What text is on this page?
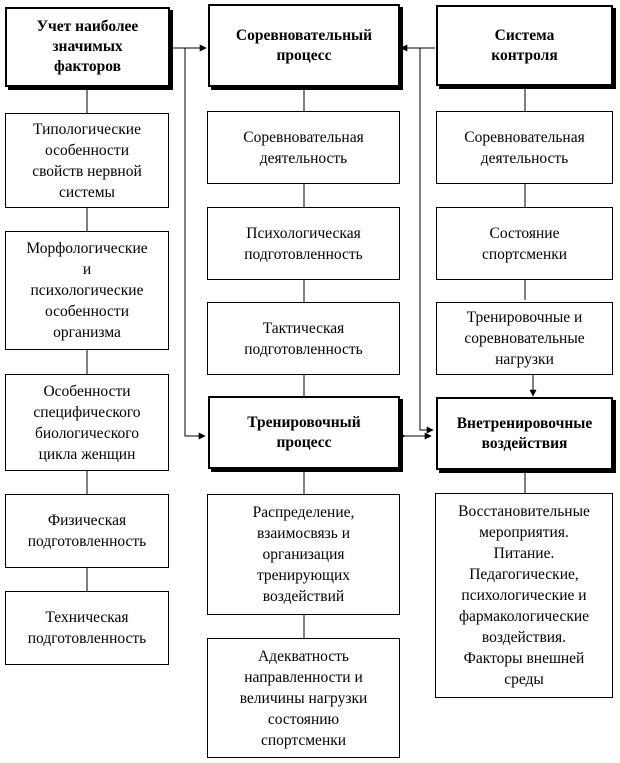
Учет наиболее
значимых
факторов
Типологические
особенности
свойств нервной
системы
Морфологические
и
психологические
особенности
организма
Особенности
специфического
биологического
цикла женщин
Физическая
подготовленность
Техническая
подготовленность
Соревновательный
процесс
Соревновательная
деятельность
Психологическая
подготовленность
Тактическая
подготовленность
Тренировочный
процесс
Распределение,
взаимосвязь и
организация
тренирующих
воздействий
Адекватность
направленности и
величины нагрузки
состоянию
спортсменки
Система
контроля
Соревновательная
деятельность
Состояние
спортсменки
Тренировочные и
соревновательные
нагрузки
Внетренировочные
воздействия
Восстановительные
мероприятия.
Питание.
Педагогические,
психологические и
фармакологические
воздействия.
Факторы внешней
среды
